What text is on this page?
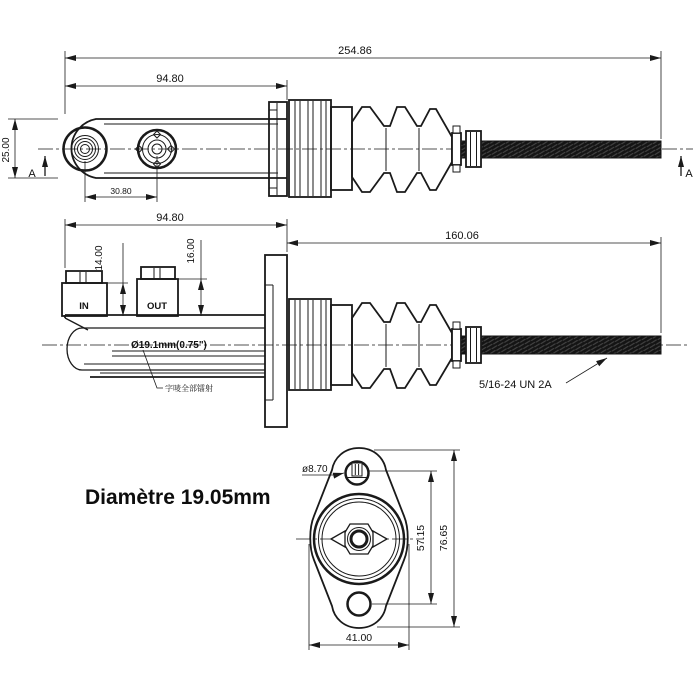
A	A
254.86
94.80
25.00
30.80
IN	OUT
Ø19.1mm(0.75")
字唛全部镭射	5/16-24 UN 2A
94.80
160.06
14.00	16.00
ø8.70
57.15 76.65
41.00
Diamètre 19.05mm
